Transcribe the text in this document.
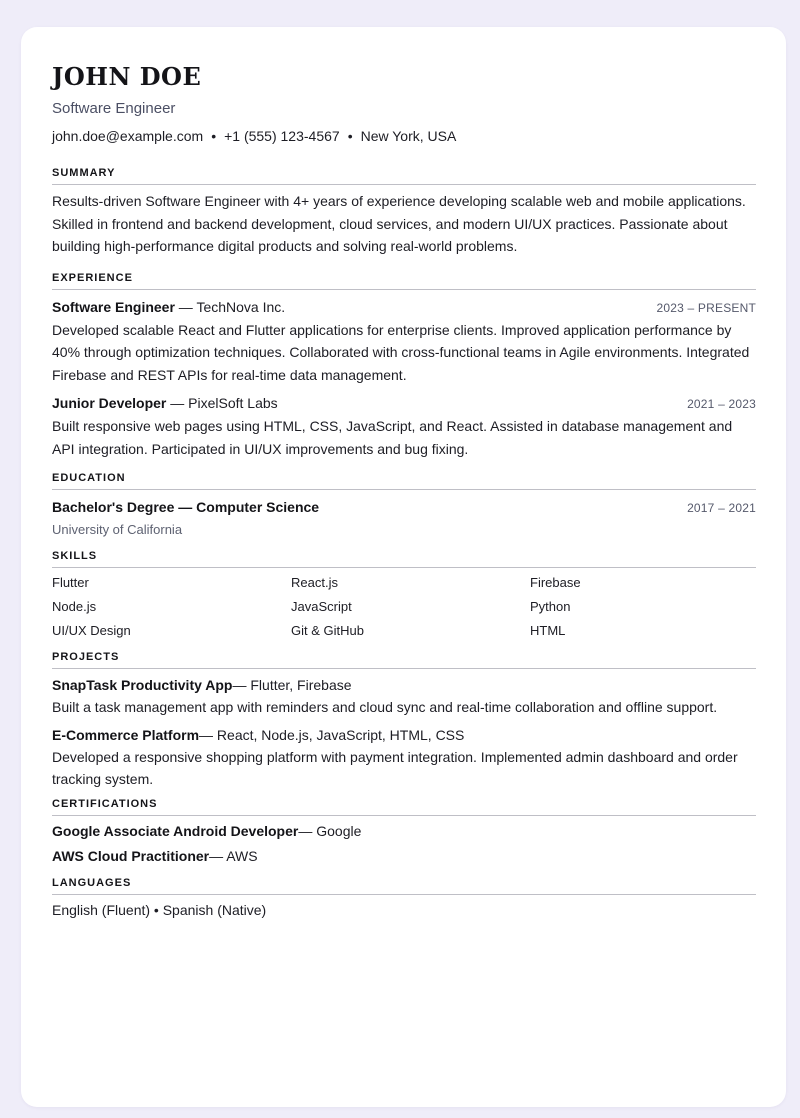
JOHN DOE
Software Engineer
john.doe@example.com • +1 (555) 123-4567 • New York, USA
SUMMARY
Results-driven Software Engineer with 4+ years of experience developing scalable web and mobile applications. Skilled in frontend and backend development, cloud services, and modern UI/UX practices. Passionate about building high-performance digital products and solving real-world problems.
EXPERIENCE
Software Engineer — TechNova Inc.	2023 – PRESENT
Developed scalable React and Flutter applications for enterprise clients. Improved application performance by 40% through optimization techniques. Collaborated with cross-functional teams in Agile environments. Integrated Firebase and REST APIs for real-time data management.
Junior Developer — PixelSoft Labs	2021 – 2023
Built responsive web pages using HTML, CSS, JavaScript, and React. Assisted in database management and API integration. Participated in UI/UX improvements and bug fixing.
EDUCATION
Bachelor's Degree — Computer Science	2017 – 2021
University of California
SKILLS
Flutter	React.js	Firebase
Node.js	JavaScript	Python
UI/UX Design	Git & GitHub	HTML
PROJECTS
SnapTask Productivity App— Flutter, Firebase
Built a task management app with reminders and cloud sync and real-time collaboration and offline support.
E-Commerce Platform— React, Node.js, JavaScript, HTML, CSS
Developed a responsive shopping platform with payment integration. Implemented admin dashboard and order tracking system.
CERTIFICATIONS
Google Associate Android Developer— Google
AWS Cloud Practitioner— AWS
LANGUAGES
English (Fluent) • Spanish (Native)
